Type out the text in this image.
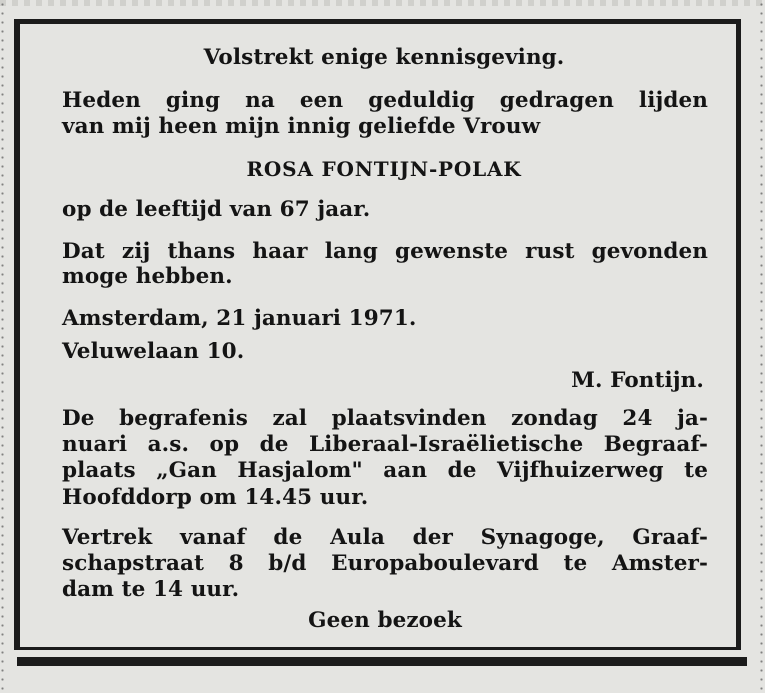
Volstrekt enige kennisgeving.
Heden ging na een geduldig gedragen lijden
van mij heen mijn innig geliefde Vrouw
ROSA FONTIJN-POLAK
op de leeftijd van 67 jaar.
Dat zij thans haar lang gewenste rust gevonden
moge hebben.
Amsterdam, 21 januari 1971.
Veluwelaan 10.
M. Fontijn.
De begrafenis zal plaatsvinden zondag 24 ja-
nuari a.s. op de Liberaal-Israëlietische Begraaf-
plaats „Gan Hasjalom" aan de Vijfhuizerweg te
Hoofddorp om 14.45 uur.
Vertrek vanaf de Aula der Synagoge, Graaf-
schapstraat 8 b/d Europaboulevard te Amster-
dam te 14 uur.
Geen bezoek
